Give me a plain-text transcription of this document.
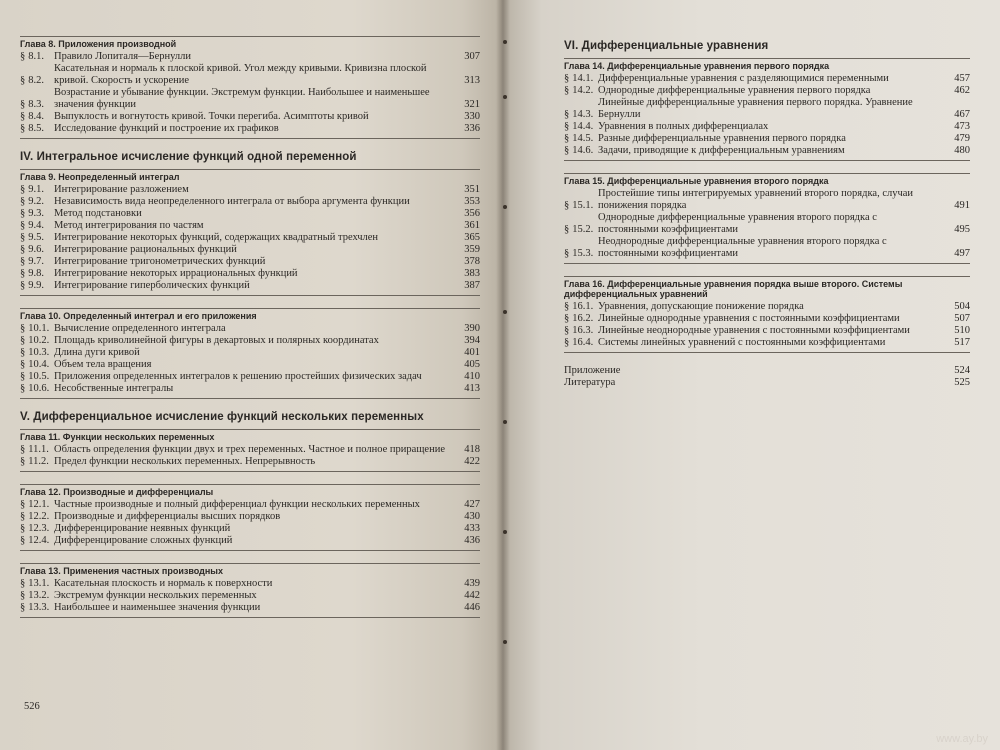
Глава 8. Приложения производной
§ 8.1. Правило Лопиталя—Бернулли	307
§ 8.2.
Касательная и нормаль к плоской кривой. Угол между кривыми. Кривизна плоской кривой. Скорость и ускорение	313
§ 8.3.
Возрастание и убывание функции. Экстремум функции. Наибольшее и наименьшее значения функции	321
§ 8.4. Выпуклость и вогнутость кривой. Точки перегиба. Асимптоты кривой	330
§ 8.5. Исследование функций и построение их графиков	336
IV. Интегральное исчисление функций одной переменной
Глава 9. Неопределенный интеграл
§ 9.1. Интегрирование разложением	351
§ 9.2. Независимость вида неопределенного интеграла от выбора аргумента функции	353
§ 9.3. Метод подстановки	356
§ 9.4. Метод интегрирования по частям	361
§ 9.5. Интегрирование некоторых функций, содержащих квадратный трехчлен	365
§ 9.6. Интегрирование рациональных функций	359
§ 9.7. Интегрирование тригонометрических функций	378
§ 9.8. Интегрирование некоторых иррациональных функций	383
§ 9.9. Интегрирование гиперболических функций	387
Глава 10. Определенный интеграл и его приложения
§ 10.1. Вычисление определенного интеграла	390
§ 10.2. Площадь криволинейной фигуры в декартовых и полярных координатах	394
§ 10.3. Длина дуги кривой	401
§ 10.4. Объем тела вращения	405
§ 10.5. Приложения определенных интегралов к решению простейших физических задач	410
§ 10.6. Несобственные интегралы	413
V. Дифференциальное исчисление функций нескольких переменных
Глава 11. Функции нескольких переменных
§ 11.1. Область определения функции двух и трех переменных. Частное и полное приращение	418
§ 11.2. Предел функции нескольких переменных. Непрерывность	422
Глава 12. Производные и дифференциалы
§ 12.1. Частные производные и полный дифференциал функции нескольких переменных	427
§ 12.2. Производные и дифференциалы высших порядков	430
§ 12.3. Дифференцирование неявных функций	433
§ 12.4. Дифференцирование сложных функций	436
Глава 13. Применения частных производных
§ 13.1. Касательная плоскость и нормаль к поверхности	439
§ 13.2. Экстремум функции нескольких переменных	442
§ 13.3. Наибольшее и наименьшее значения функции	446
526
VI. Дифференциальные уравнения
Глава 14. Дифференциальные уравнения первого порядка
§ 14.1. Дифференциальные уравнения с разделяющимися переменными	457
§ 14.2. Однородные дифференциальные уравнения первого порядка	462
§ 14.3.
Линейные дифференциальные уравнения первого порядка. Уравнение Бернулли	467
§ 14.4. Уравнения в полных дифференциалах	473
§ 14.5. Разные дифференциальные уравнения первого порядка	479
§ 14.6. Задачи, приводящие к дифференциальным уравнениям	480
Глава 15. Дифференциальные уравнения второго порядка
§ 15.1.
Простейшие типы интегрируемых уравнений второго порядка, случаи понижения порядка	491
§ 15.2.
Однородные дифференциальные уравнения второго порядка с постоянными коэффициентами	495
§ 15.3.
Неоднородные дифференциальные уравнения второго порядка с постоянными коэффициентами	497
Глава 16. Дифференциальные уравнения порядка выше второго. Системы дифференциальных уравнений
§ 16.1. Уравнения, допускающие понижение порядка	504
§ 16.2. Линейные однородные уравнения с постоянными коэффициентами	507
§ 16.3. Линейные неоднородные уравнения с постоянными коэффициентами	510
§ 16.4. Системы линейных уравнений с постоянными коэффициентами	517
Приложение	524
Литература	525
www.ay.by
